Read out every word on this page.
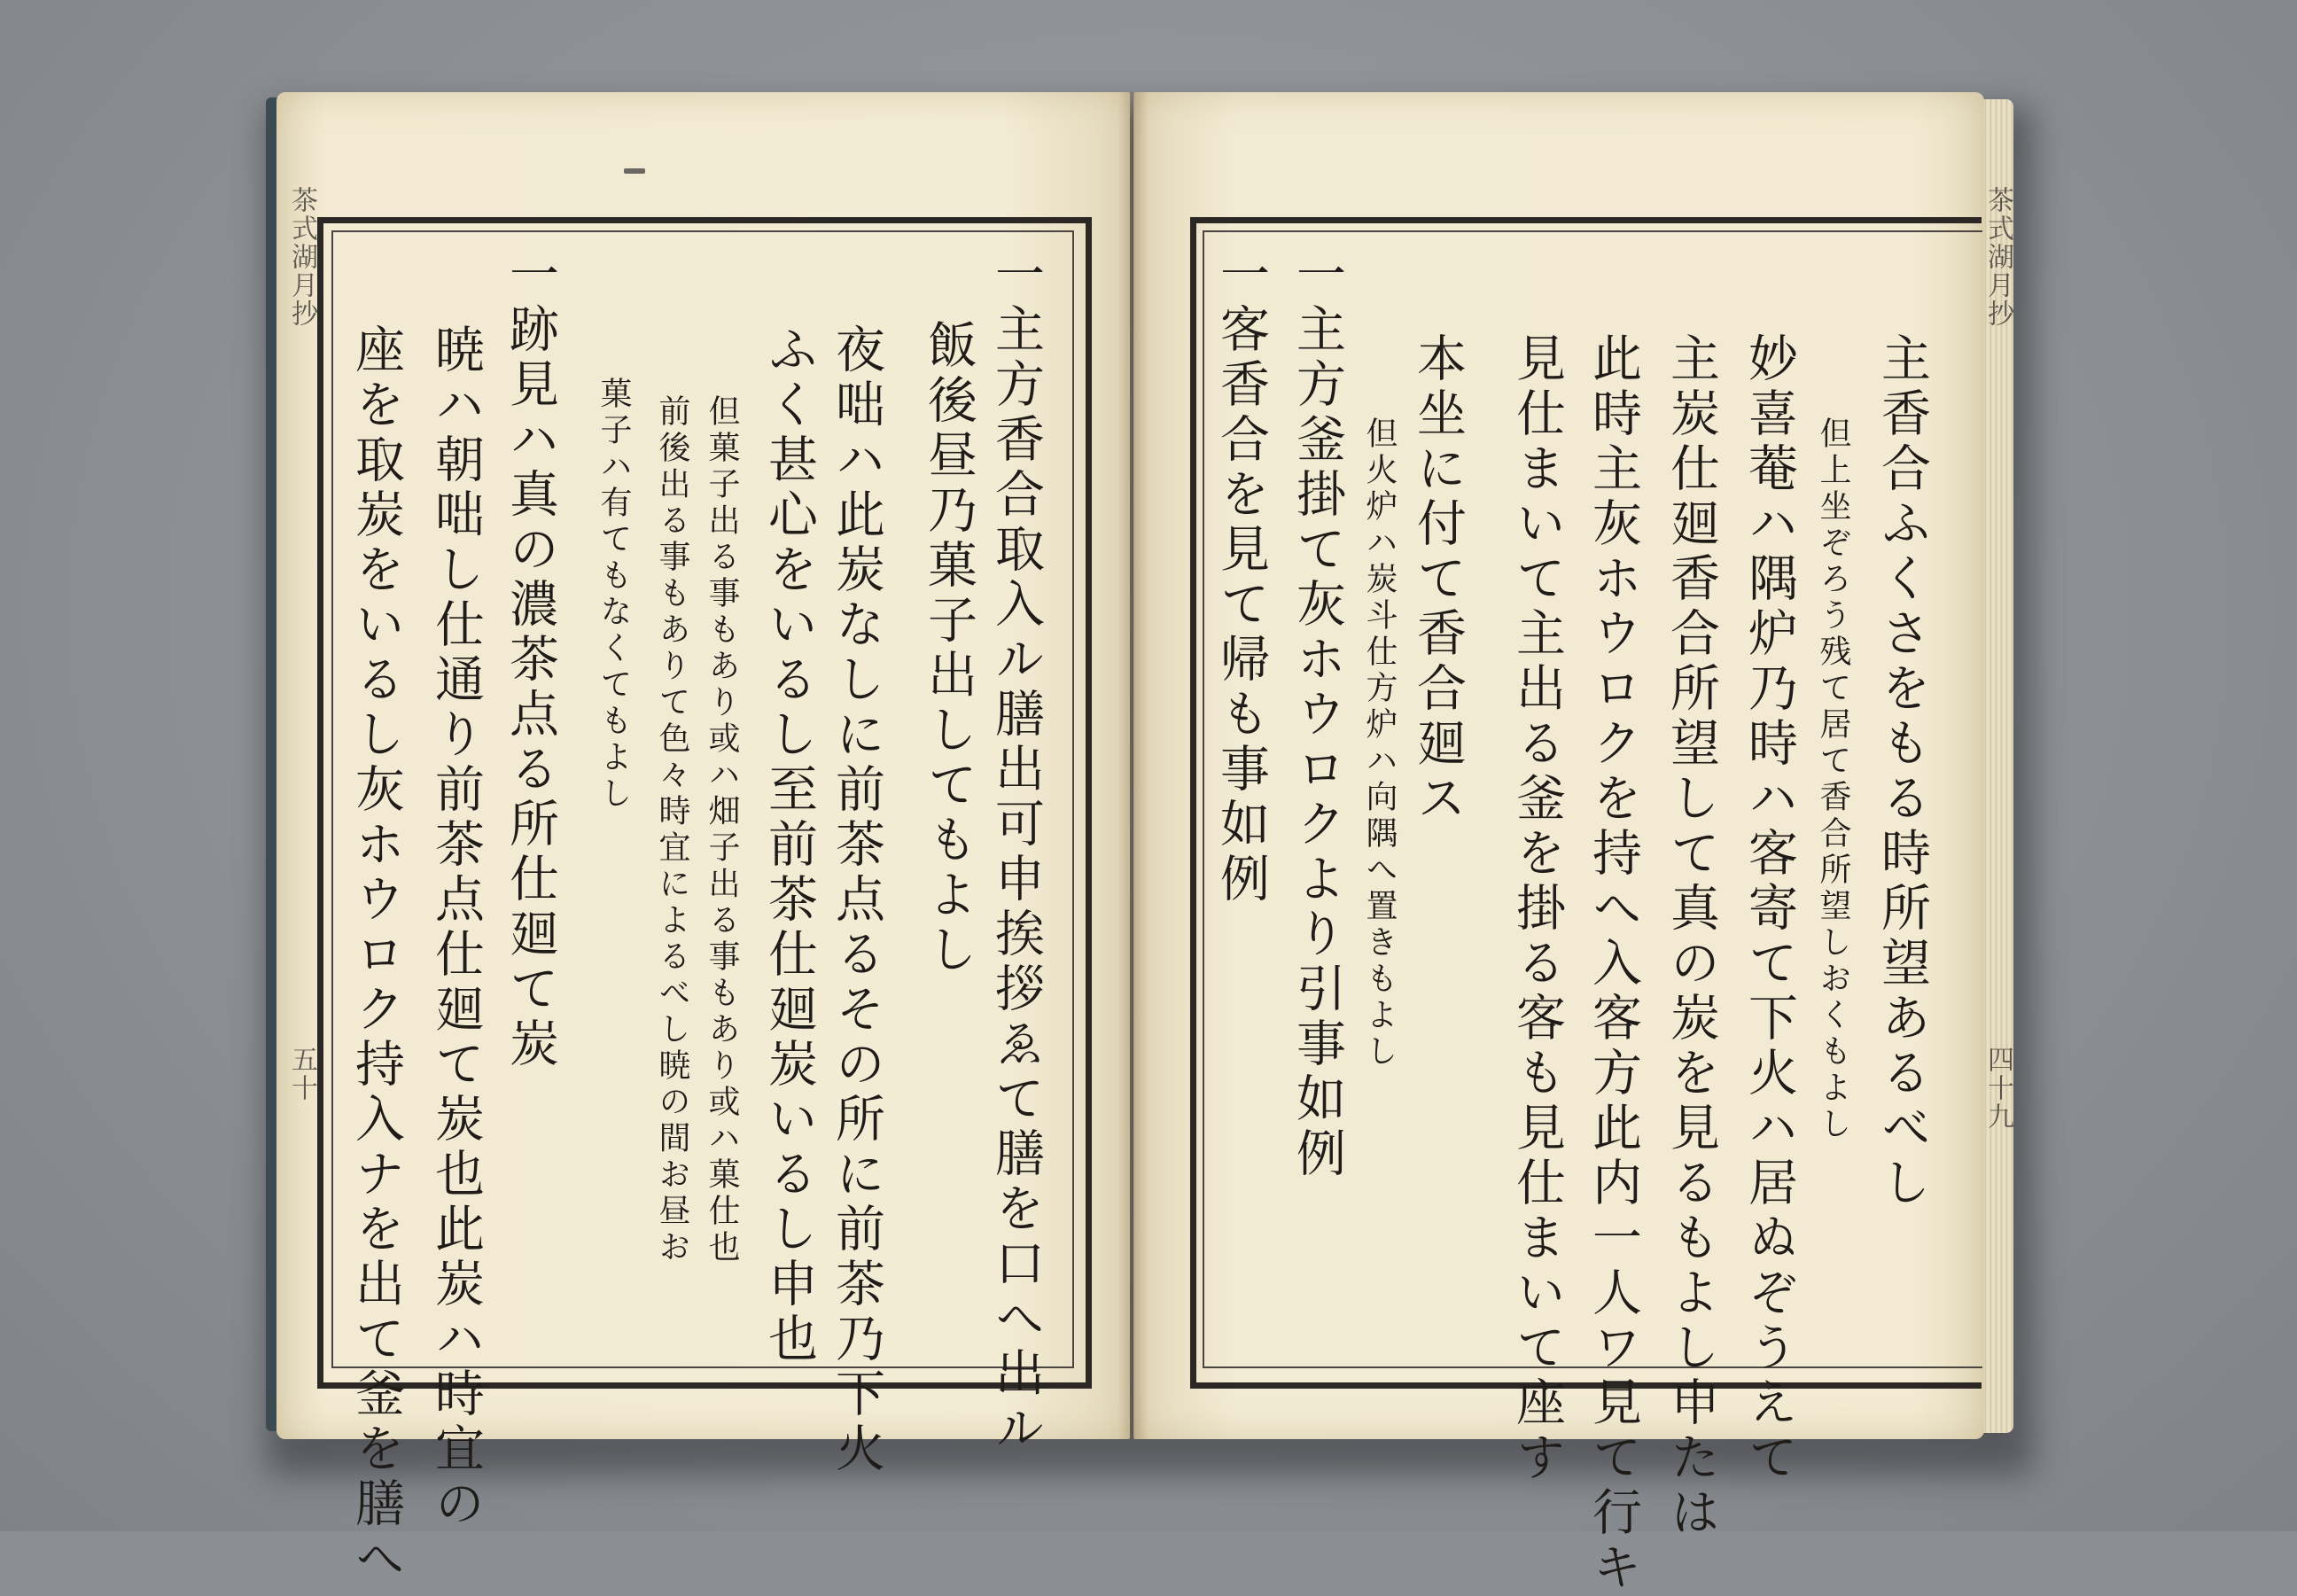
茶式湖月抄
五十
茶式湖月抄
四十九
一主方香合取入ル膳出可申挨拶ゑて膳を口へ出ル
飯後昼乃菓子出してもよし
夜咄ハ此炭なしに前茶点るその所に前茶乃下火
ふく甚心をいるし至前茶仕廻炭いるし申也
但菓子出る事もあり或ハ畑子出る事もあり或ハ菓仕也
前後出る事もありて色々時宜によるべし暁の間お昼お
菓子ハ有てもなくてもよし
一跡見ハ真の濃茶点る所仕廻て炭
暁ハ朝咄し仕通り前茶点仕廻て炭也此炭ハ時宜の
座を取炭をいるし灰ホウロク持入ナを出て釜を膳へ	主香合ふくさをもる時所望あるべし
但上坐ぞろう残て居て香合所望しおくもよし
妙喜菴ハ隅炉乃時ハ客寄て下火ハ居ぬぞうえて
主炭仕廻香合所望して真の炭を見るもよし申たは
此時主灰ホウロクを持へ入客方此内一人ワ見て行キ
見仕まいて主出る釜を掛る客も見仕まいて座す
本坐に付て香合廻ス
但火炉ハ炭斗仕方炉ハ向隅へ置きもよし
一主方釜掛て灰ホウロクより引事如例
一客香合を見て帰も事如例
